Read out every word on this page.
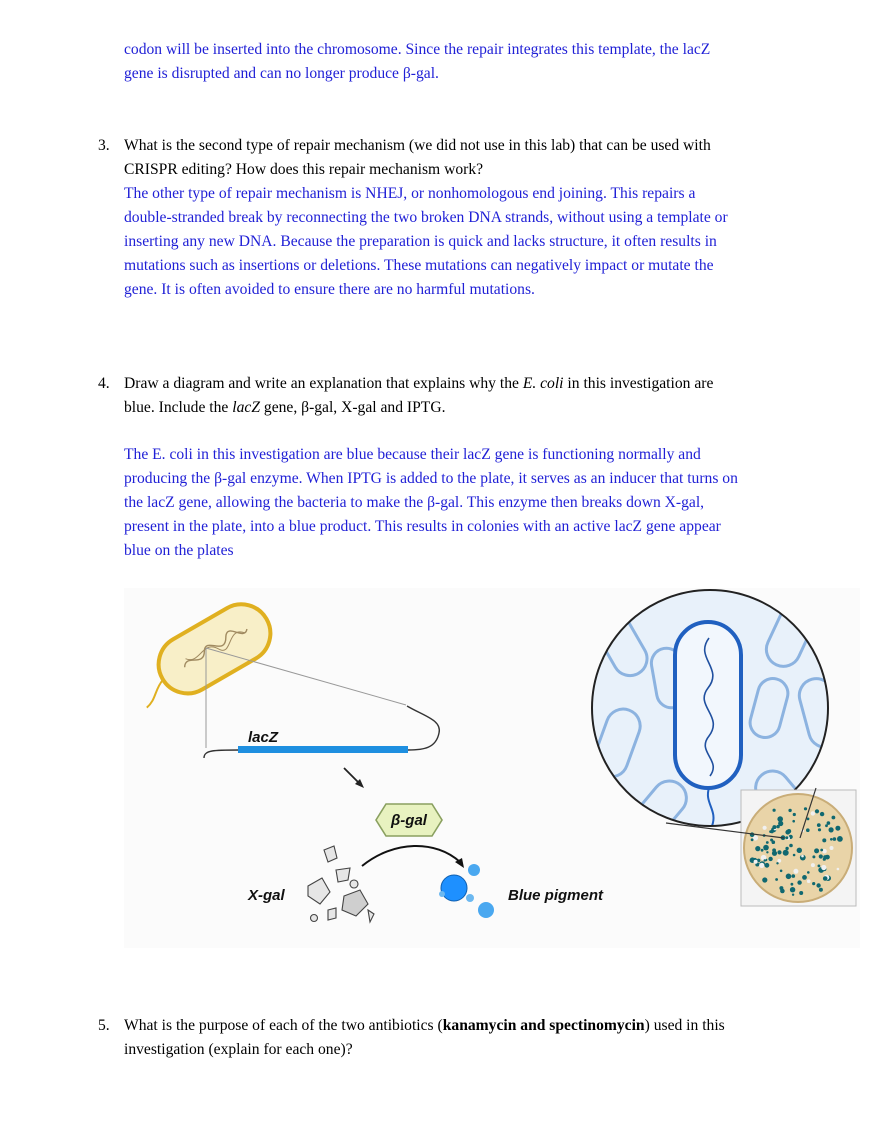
codon will be inserted into the chromosome. Since the repair integrates this template, the lacZ
gene is disrupted and can no longer produce β-gal.
3. What is the second type of repair mechanism (we did not use in this lab) that can be used with
CRISPR editing? How does this repair mechanism work?
The other type of repair mechanism is NHEJ, or nonhomologous end joining. This repairs a
double-stranded break by reconnecting the two broken DNA strands, without using a template or
inserting any new DNA. Because the preparation is quick and lacks structure, it often results in
mutations such as insertions or deletions. These mutations can negatively impact or mutate the
gene. It is often avoided to ensure there are no harmful mutations.
4. Draw a diagram and write an explanation that explains why the E. coli in this investigation are
blue. Include the lacZ gene, β-gal, X-gal and IPTG.
The E. coli in this investigation are blue because their lacZ gene is functioning normally and
producing the β-gal enzyme. When IPTG is added to the plate, it serves as an inducer that turns on
the lacZ gene, allowing the bacteria to make the β-gal. This enzyme then breaks down X-gal,
present in the plate, into a blue product. This results in colonies with an active lacZ gene appear
blue on the plates
lacZ
β-gal
X-gal	Blue pigment
5. What is the purpose of each of the two antibiotics (kanamycin and spectinomycin) used in this
investigation (explain for each one)?
